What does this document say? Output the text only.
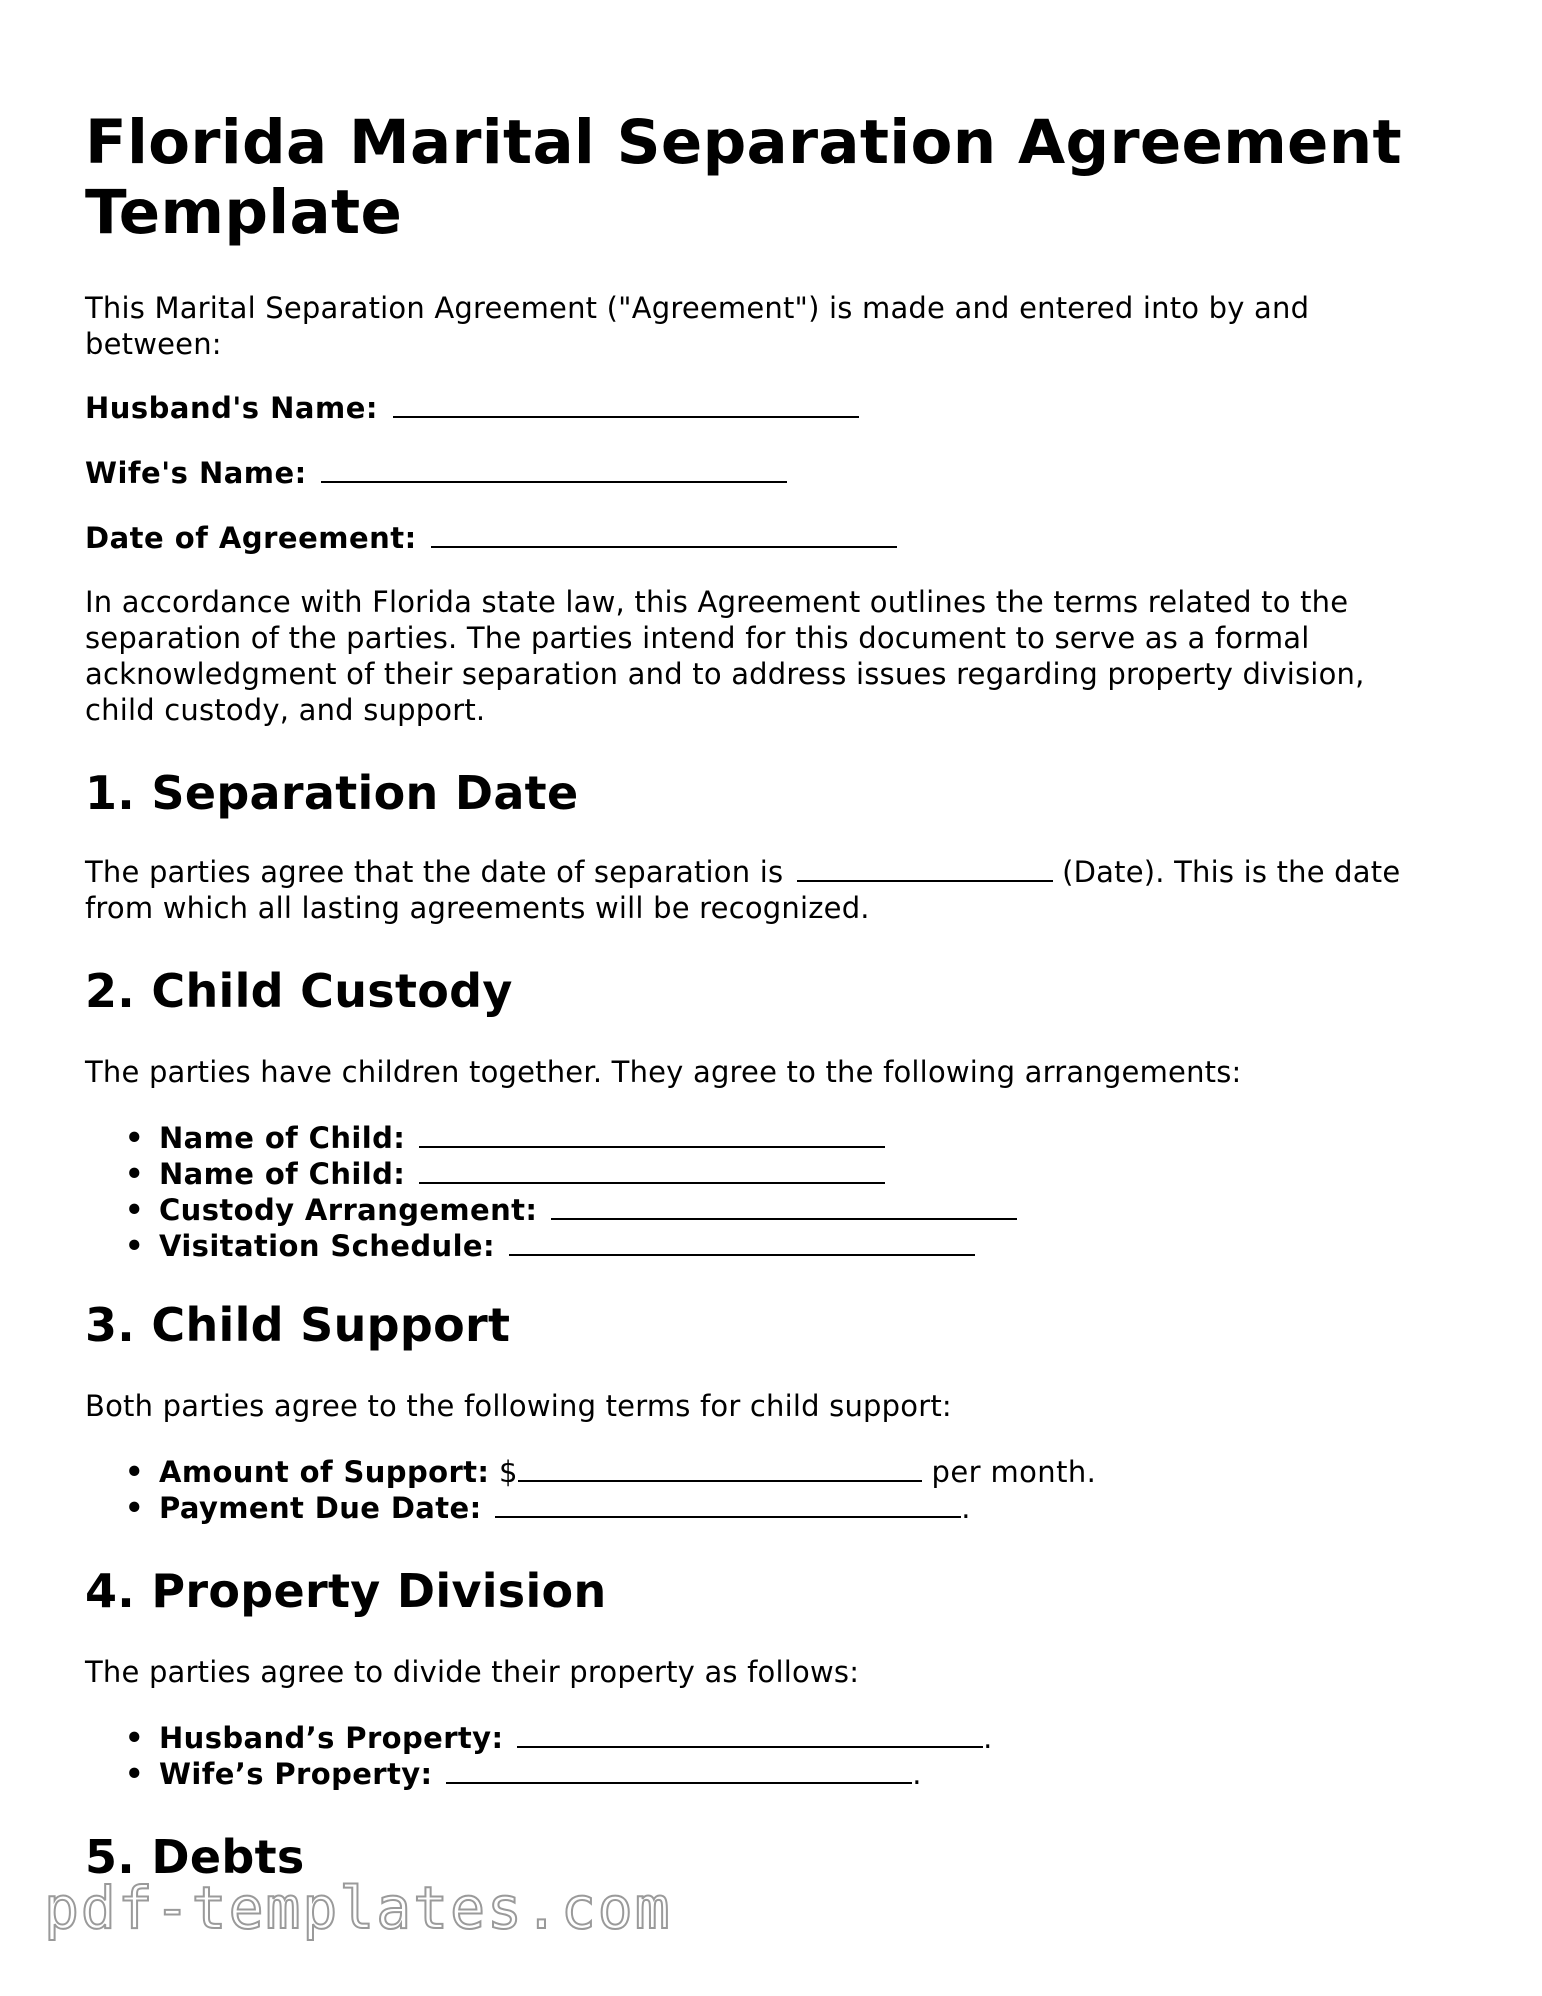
Florida Marital Separation Agreement Template

This Marital Separation Agreement ("Agreement") is made and entered into by and between:

Husband's Name:

Wife's Name:

Date of Agreement:

In accordance with Florida state law, this Agreement outlines the terms related to the separation of the parties. The parties intend for this document to serve as a formal acknowledgment of their separation and to address issues regarding property division, child custody, and support.

1. Separation Date

The parties agree that the date of separation is	(Date). This is the date from which all lasting agreements will be recognized.

2. Child Custody

The parties have children together. They agree to the following arrangements:

• Name of Child:
• Name of Child:
• Custody Arrangement:
• Visitation Schedule:
3. Child Support

Both parties agree to the following terms for child support:

• Amount of Support: $	per month.
• Payment Due Date:	.
4. Property Division

The parties agree to divide their property as follows:

• Husband’s Property:	.
• Wife’s Property:	.
5. Debts
pdf-templates.com
